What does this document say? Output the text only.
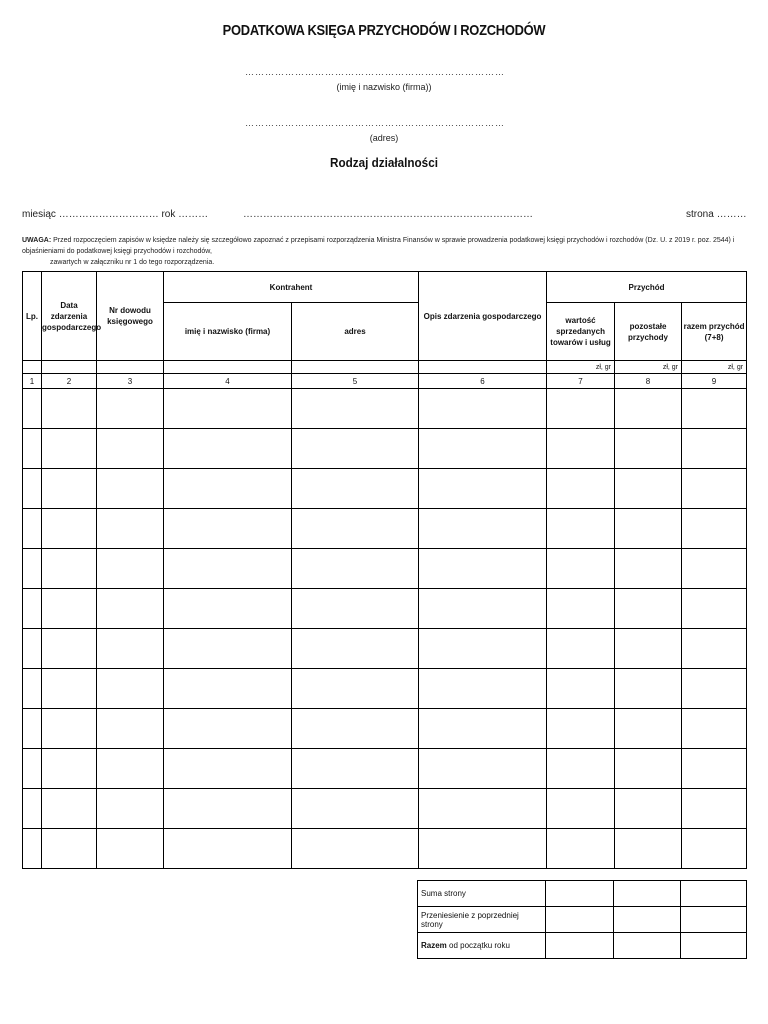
PODATKOWA KSIĘGA PRZYCHODÓW I ROZCHODÓW
……………………………………………………………………
(imię i nazwisko (firma))
……………………………………………………………………
(adres)
Rodzaj działalności
miesiąc ………………………… rok ………	……………………………………………………………………………	strona ………
UWAGA: Przed rozpoczęciem zapisów w księdze należy się szczegółowo zapoznać z przepisami rozporządzenia Ministra Finansów w sprawie prowadzenia podatkowej księgi przychodów i rozchodów (Dz. U. z 2019 r. poz. 2544) i objaśnieniami do podatkowej księgi przychodów i rozchodów,
zawartych w załączniku nr 1 do tego rozporządzenia.
Lp.	Data zdarzenia gospodarczego	Nr dowodu księgowego	Kontrahent		Opis zdarzenia gospodarczego	Przychód		
			imię i nazwisko (firma)	adres		wartość sprzedanych towarów i usług	pozostałe przychody	razem przychód (7+8)
						zł, gr	zł, gr	zł, gr
1	2	3	4	5	6	7	8	9

Suma strony			
Przeniesienie z poprzedniej strony			
Razem od początku roku			
